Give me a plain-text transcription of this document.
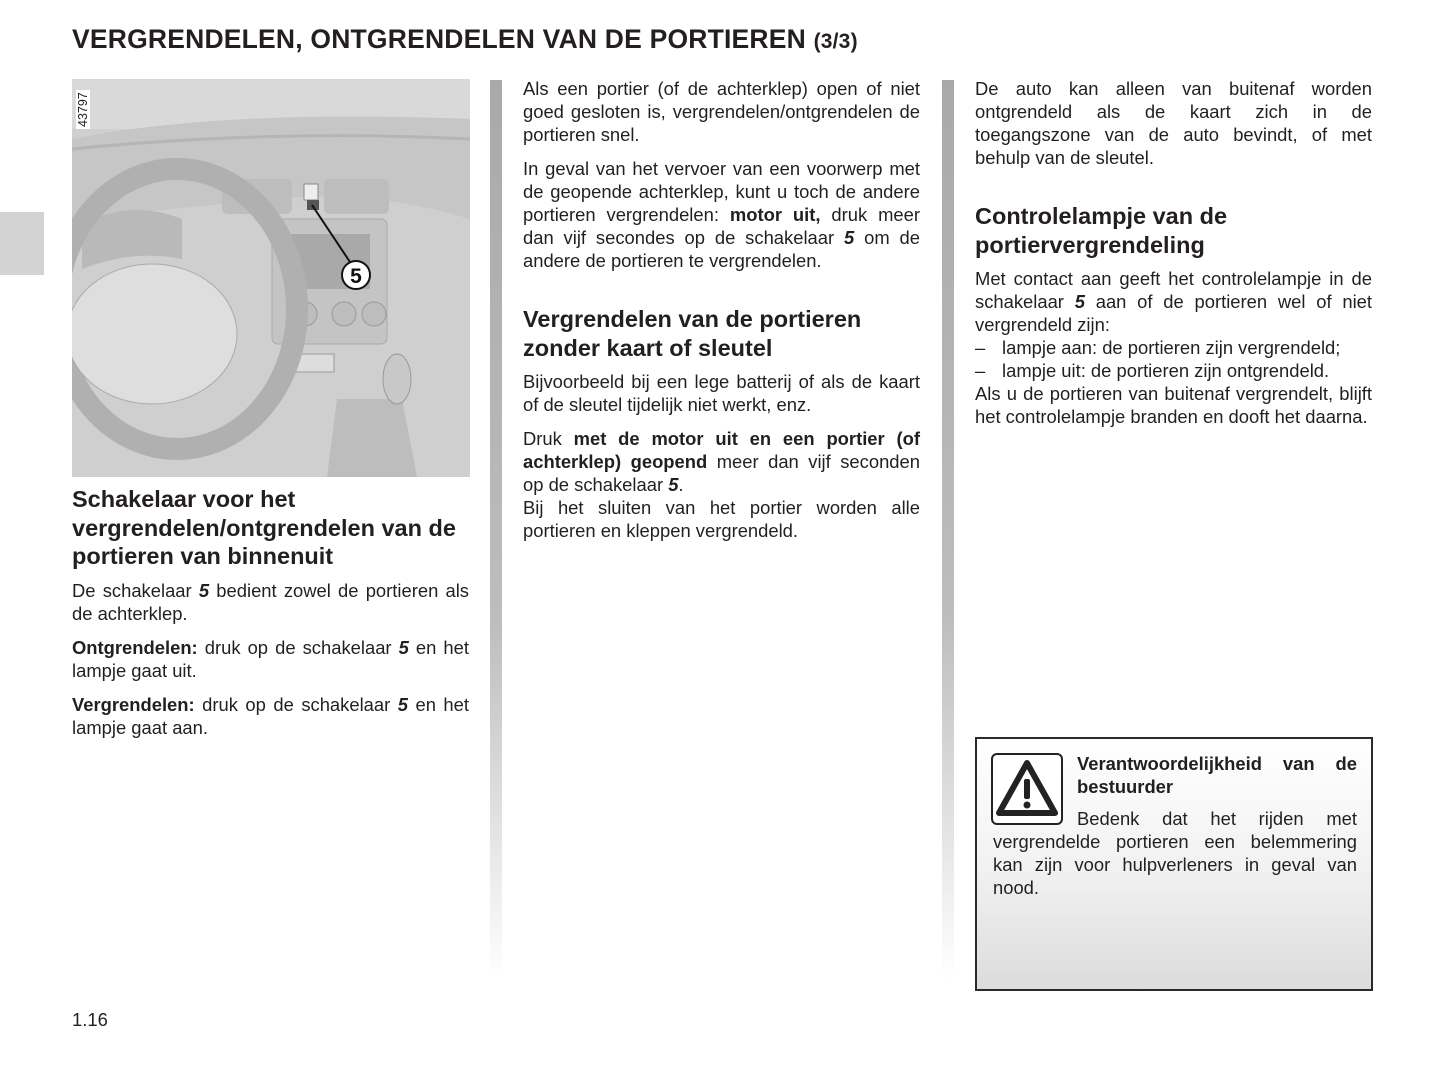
VERGRENDELEN, ONTGRENDELEN VAN DE PORTIEREN (3/3)
5
43797
Schakelaar voor het vergrendelen/ontgrendelen van de portieren van binnenuit

De schakelaar 5 bedient zowel de portieren als de achterklep.

Ontgrendelen: druk op de schakelaar 5 en het lampje gaat uit.

Vergrendelen: druk op de schakelaar 5 en het lampje gaat aan.

Als een portier (of de achterklep) open of niet goed gesloten is, vergrendelen/ontgrendelen de portieren snel.

In geval van het vervoer van een voorwerp met de geopende achterklep, kunt u toch de andere portieren vergrendelen: motor uit, druk meer dan vijf secondes op de schakelaar 5 om de andere de portieren te vergrendelen.

Vergrendelen van de portieren zonder kaart of sleutel

Bijvoorbeeld bij een lege batterij of als de kaart of de sleutel tijdelijk niet werkt, enz.

Druk met de motor uit en een portier (of achterklep) geopend meer dan vijf seconden op de schakelaar 5.
Bij het sluiten van het portier worden alle portieren en kleppen vergrendeld.

De auto kan alleen van buitenaf worden ontgrendeld als de kaart zich in de toegangszone van de auto bevindt, of met behulp van de sleutel.

Controlelampje van de portiervergrendeling
Met contact aan geeft het controlelampje in de schakelaar 5 aan of de portieren wel of niet vergrendeld zijn:
– lampje aan: de portieren zijn vergrendeld;
– lampje uit: de portieren zijn ontgrendeld.

Als u de portieren van buitenaf vergrendelt, blijft het controlelampje branden en dooft het daarna.

Verantwoordelijkheid van de bestuurder

Bedenk dat het rijden met vergrendelde portieren een belemmering kan zijn voor hulpverleners in geval van nood.

1.16
